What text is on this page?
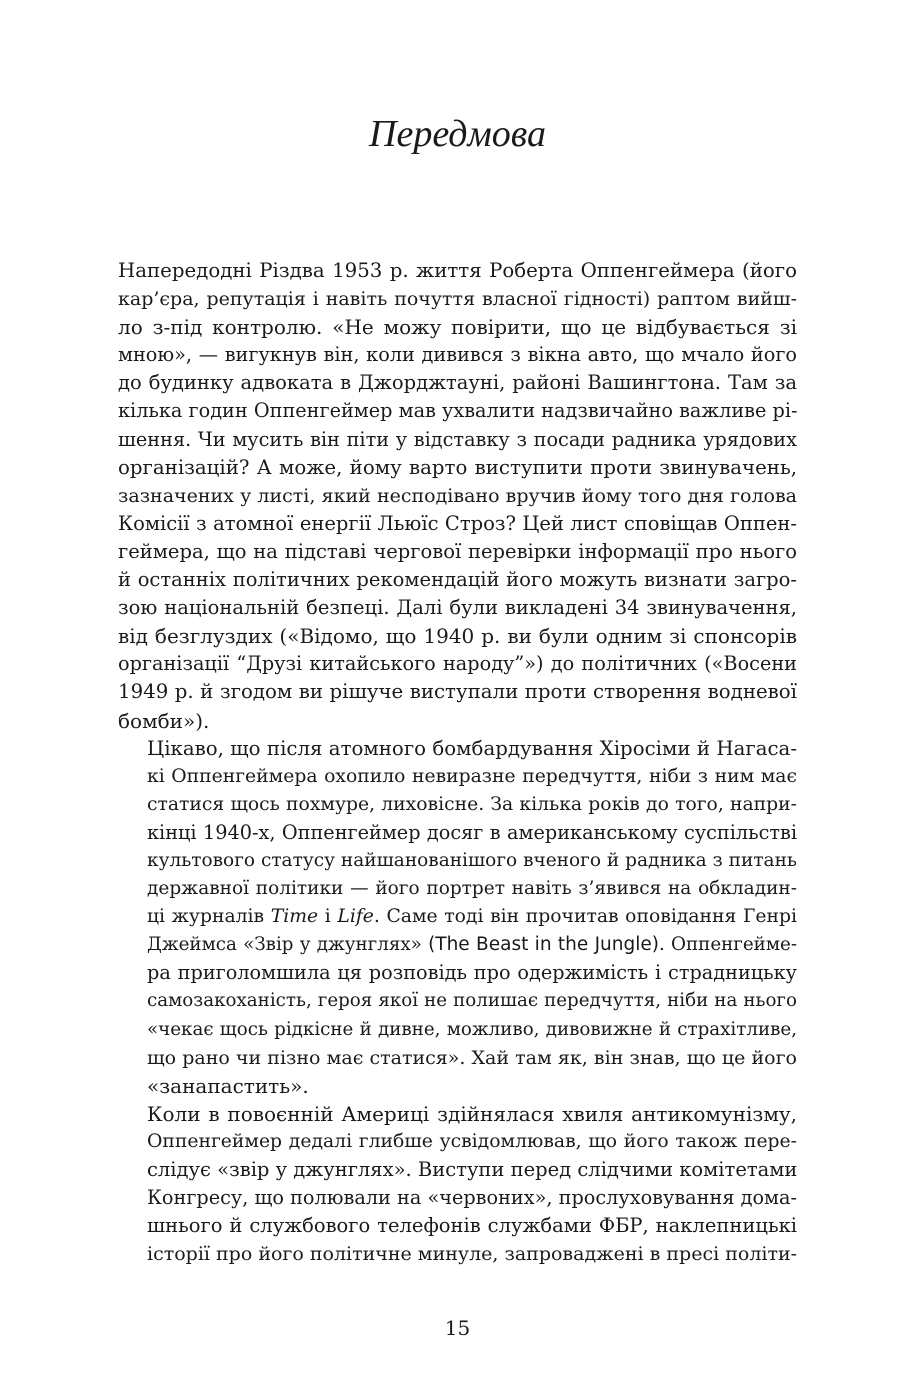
Передмова

Напередодні Різдва 1953 р. життя Роберта Оппенгеймера (його
кар’єра, репутація і навіть почуття власної гідності) раптом вийш-
ло з-під контролю. «Не можу повірити, що це відбувається зі
мною», — вигукнув він, коли дивився з вікна авто, що мчало його
до будинку адвоката в Джорджтауні, районі Вашингтона. Там за
кілька годин Оппенгеймер мав ухвалити надзвичайно важливе рі-
шення. Чи мусить він піти у відставку з посади радника урядових
організацій? А може, йому варто виступити проти звинувачень,
зазначених у листі, який несподівано вручив йому того дня голова
Комісії з атомної енергії Льюїс Строз? Цей лист сповіщав Оппен-
геймера, що на підставі чергової перевірки інформації про нього
й останніх політичних рекомендацій його можуть визнати загро-
зою національній безпеці. Далі були викладені 34 звинувачення,
від безглуздих («Відомо, що 1940 р. ви були одним зі спонсорів
організації “Друзі китайського народу”») до політичних («Восени
1949 р. й згодом ви рішуче виступали проти створення водневої
бомби»).

Цікаво, що після атомного бомбардування Хіросіми й Нагаса-
кі Оппенгеймера охопило невиразне передчуття, ніби з ним має
статися щось похмуре, лиховісне. За кілька років до того, напри-
кінці 1940-х, Оппенгеймер досяг в американському суспільстві
культового статусу найшанованішого вченого й радника з питань
державної політики — його портрет навіть з’явився на обкладин-
ці журналів Time і Life. Саме тоді він прочитав оповідання Генрі
Джеймса «Звір у джунглях» (The Beast in the Jungle). Оппенгейме-
ра приголомшила ця розповідь про одержимість і страдницьку
самозакоханість, героя якої не полишає передчуття, ніби на нього
«чекає щось рідкісне й дивне, можливо, дивовижне й страхітливе,
що рано чи пізно має статися». Хай там як, він знав, що це його
«занапастить».

Коли в повоєнній Америці здійнялася хвиля антикомунізму,
Оппенгеймер дедалі глибше усвідомлював, що його також пере-
слідує «звір у джунглях». Виступи перед слідчими комітетами
Конгресу, що полювали на «червоних», прослуховування дома-
шнього й службового телефонів службами ФБР, наклепницькі
історії про його політичне минуле, запроваджені в пресі політи-

15
